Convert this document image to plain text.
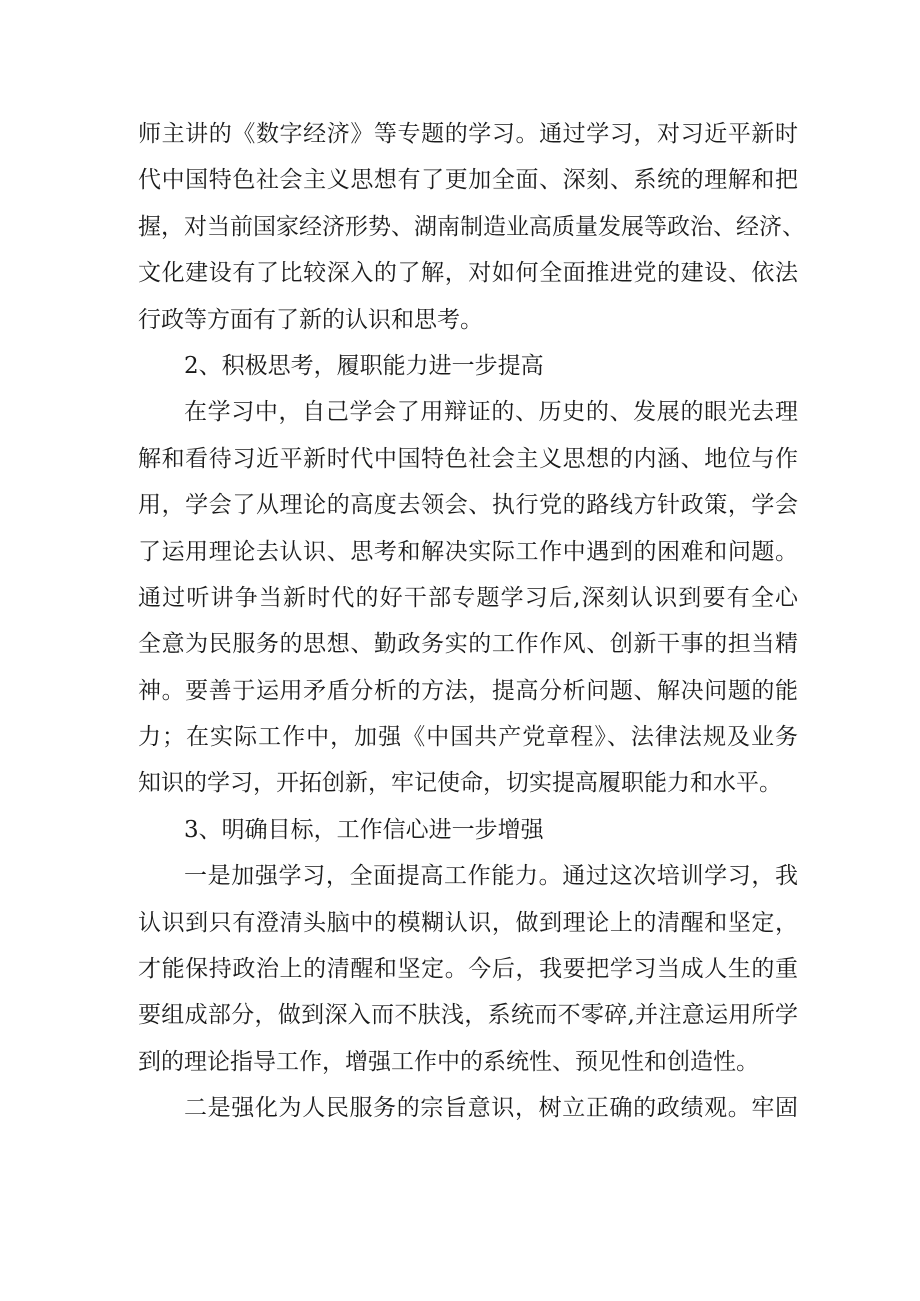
师主讲的《数字经济》等专题的学习。通过学习，对习近平新时
代中国特色社会主义思想有了更加全面、深刻、系统的理解和把
握，对当前国家经济形势、湖南制造业高质量发展等政治、经济、
文化建设有了比较深入的了解，对如何全面推进党的建设、依法
行政等方面有了新的认识和思考。
2、积极思考，履职能力进一步提高
在学习中，自己学会了用辩证的、历史的、发展的眼光去理
解和看待习近平新时代中国特色社会主义思想的内涵、地位与作
用，学会了从理论的高度去领会、执行党的路线方针政策，学会
了运用理论去认识、思考和解决实际工作中遇到的困难和问题。
通过听讲争当新时代的好干部专题学习后,深刻认识到要有全心
全意为民服务的思想、勤政务实的工作作风、创新干事的担当精
神。要善于运用矛盾分析的方法，提高分析问题、解决问题的能
力；在实际工作中，加强《中国共产党章程》、法律法规及业务
知识的学习，开拓创新，牢记使命，切实提高履职能力和水平。
3、明确目标，工作信心进一步增强
一是加强学习，全面提高工作能力。通过这次培训学习，我
认识到只有澄清头脑中的模糊认识，做到理论上的清醒和坚定，
才能保持政治上的清醒和坚定。今后，我要把学习当成人生的重
要组成部分，做到深入而不肤浅，系统而不零碎,并注意运用所学
到的理论指导工作，增强工作中的系统性、预见性和创造性。
二是强化为人民服务的宗旨意识，树立正确的政绩观。牢固
